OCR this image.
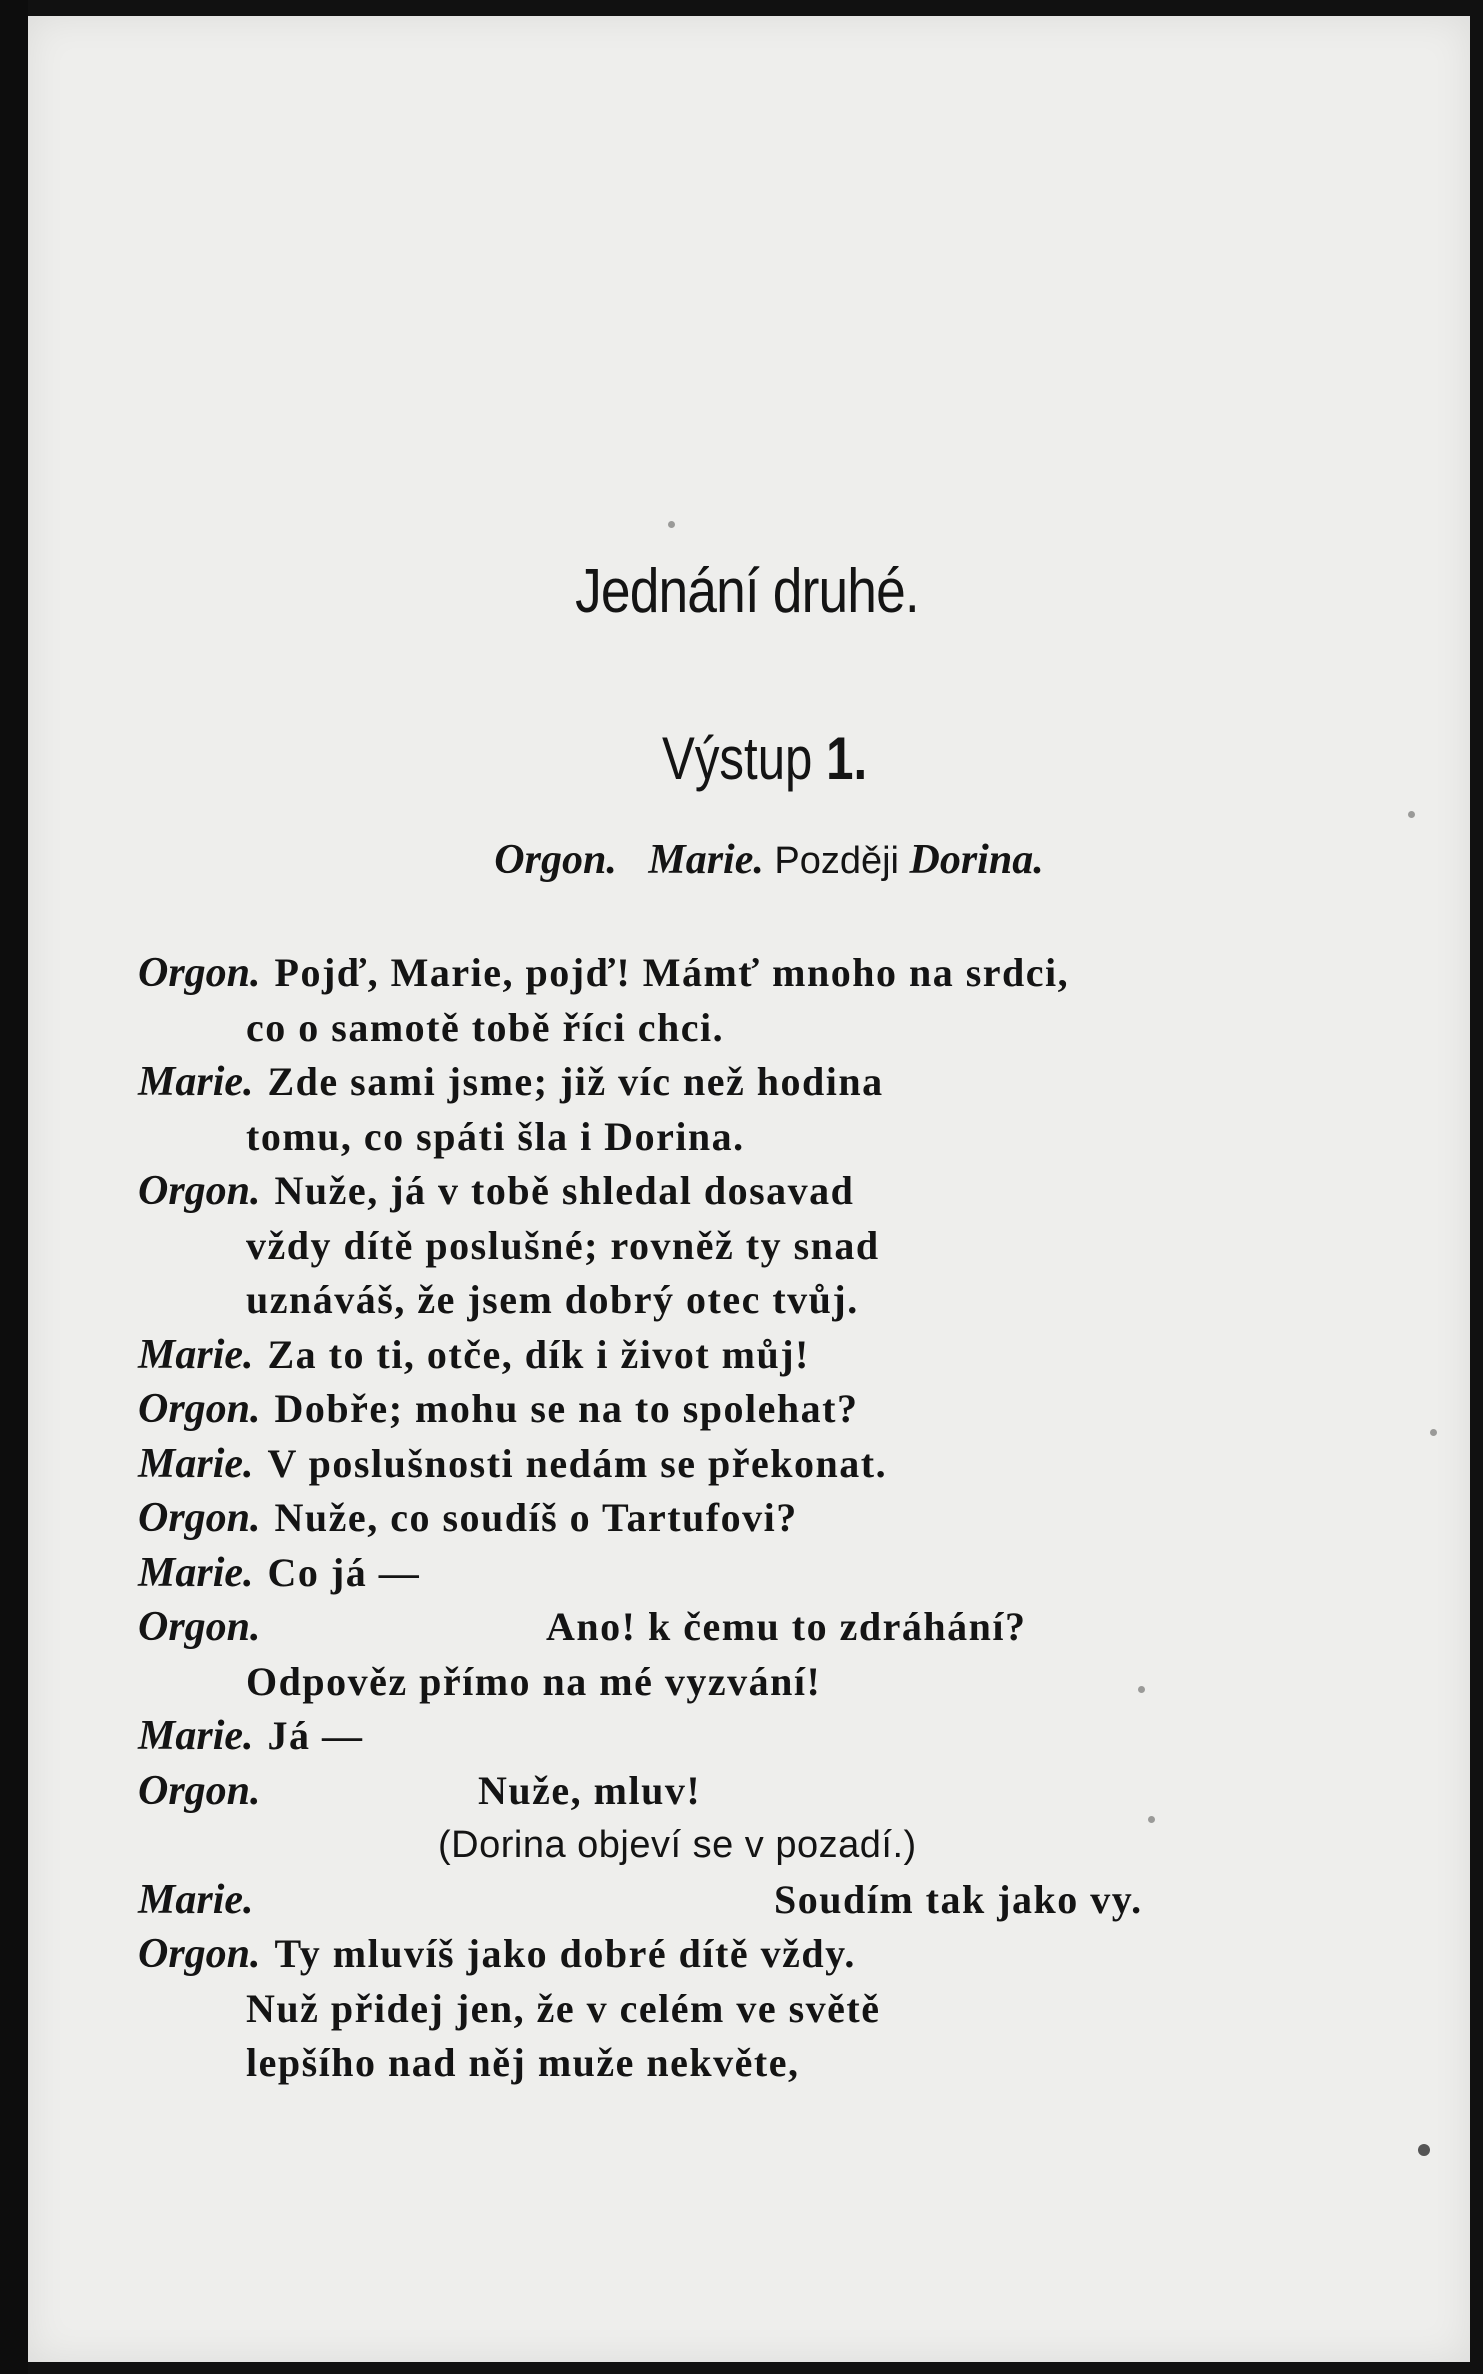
Jednání druhé.
Výstup 1.
Orgon. Marie. Později Dorina.
Orgon. Pojď, Marie, pojď! Mámť mnoho na srdci,
co o samotě tobě říci chci.
Marie. Zde sami jsme; již víc než hodina
tomu, co spáti šla i Dorina.
Orgon. Nuže, já v tobě shledal dosavad
vždy dítě poslušné; rovněž ty snad
uznáváš, že jsem dobrý otec tvůj.
Marie. Za to ti, otče, dík i život můj!
Orgon. Dobře; mohu se na to spolehat?
Marie. V poslušnosti nedám se překonat.
Orgon. Nuže, co soudíš o Tartufovi?
Marie. Co já —
Orgon.	Ano! k čemu to zdráhání?
Odpověz přímo na mé vyzvání!
Marie. Já —
Orgon.	Nuže, mluv!
(Dorina objeví se v pozadí.)
Marie.	Soudím tak jako vy.
Orgon. Ty mluvíš jako dobré dítě vždy.
Nuž přidej jen, že v celém ve světě
lepšího nad něj muže nekvěte,
